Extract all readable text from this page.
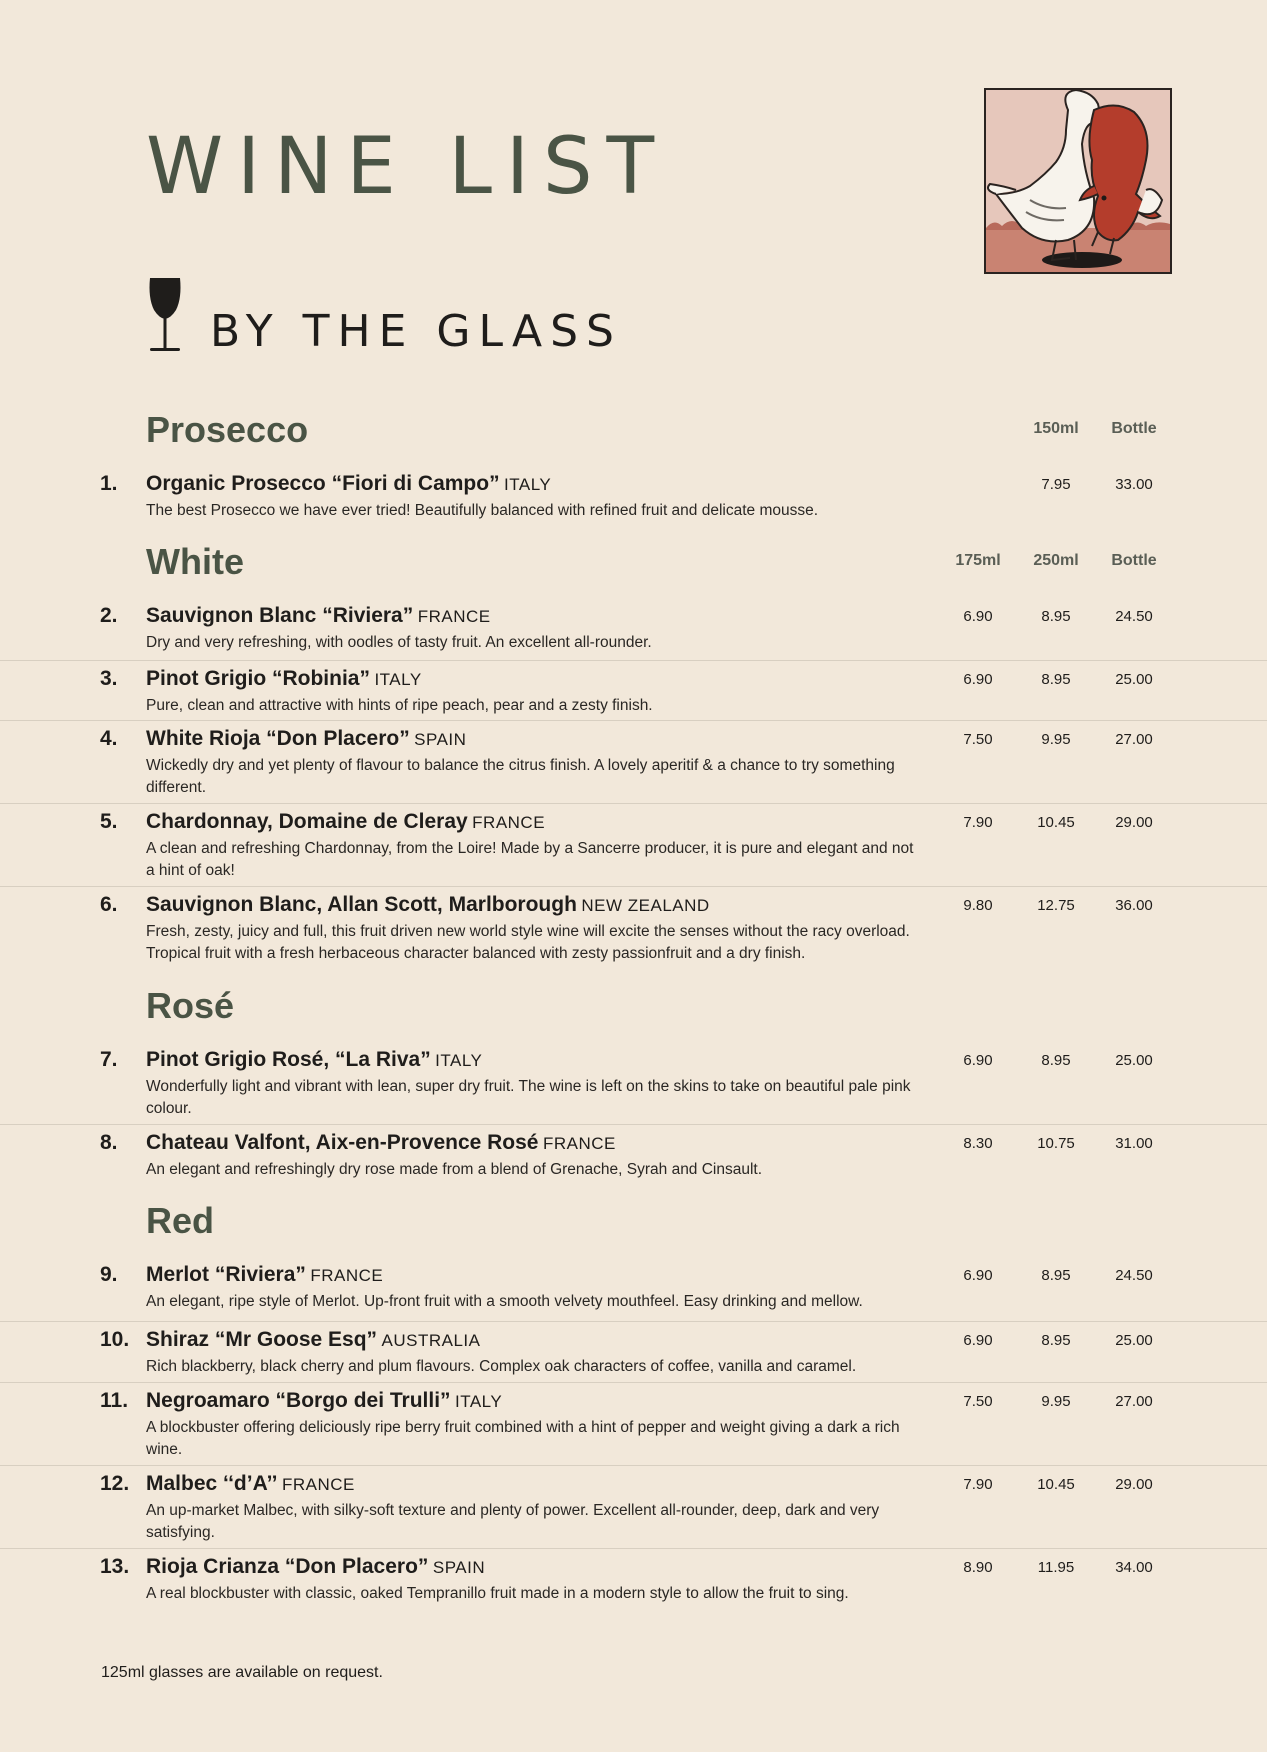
WINE LIST
BY THE GLASS
Prosecco	150ml	Bottle
1. Organic Prosecco “Fiori di Campo” ITALY
The best Prosecco we have ever tried! Beautifully balanced with refined fruit and delicate mousse.
7.95	33.00
White	175ml	250ml	Bottle
2. Sauvignon Blanc “Riviera” FRANCE
Dry and very refreshing, with oodles of tasty fruit. An excellent all-rounder.
6.90	8.95	24.50
3. Pinot Grigio “Robinia” ITALY
Pure, clean and attractive with hints of ripe peach, pear and a zesty finish.
6.90	8.95	25.00
4. White Rioja “Don Placero” SPAIN
Wickedly dry and yet plenty of flavour to balance the citrus finish. A lovely aperitif & a chance to try something different.
7.50	9.95	27.00
5. Chardonnay, Domaine de Cleray FRANCE
A clean and refreshing Chardonnay, from the Loire! Made by a Sancerre producer, it is pure and elegant and not a hint of oak!
7.90	10.45	29.00
6. Sauvignon Blanc, Allan Scott, Marlborough NEW ZEALAND
Fresh, zesty, juicy and full, this fruit driven new world style wine will excite the senses without the racy overload. Tropical fruit with a fresh herbaceous character balanced with zesty passionfruit and a dry finish.
9.80	12.75	36.00
Rosé
7. Pinot Grigio Rosé, “La Riva” ITALY
Wonderfully light and vibrant with lean, super dry fruit. The wine is left on the skins to take on beautiful pale pink colour.
6.90	8.95	25.00
8. Chateau Valfont, Aix-en-Provence Rosé FRANCE
An elegant and refreshingly dry rose made from a blend of Grenache, Syrah and Cinsault.
8.30	10.75	31.00
Red
9. Merlot “Riviera” FRANCE
An elegant, ripe style of Merlot. Up-front fruit with a smooth velvety mouthfeel. Easy drinking and mellow.
6.90	8.95	24.50
10. Shiraz “Mr Goose Esq” AUSTRALIA
Rich blackberry, black cherry and plum flavours. Complex oak characters of coffee, vanilla and caramel.
6.90	8.95	25.00
11. Negroamaro “Borgo dei Trulli” ITALY
A blockbuster offering deliciously ripe berry fruit combined with a hint of pepper and weight giving a dark a rich wine.
7.50	9.95	27.00
12. Malbec ‘‘d’A’’ FRANCE
An up-market Malbec, with silky-soft texture and plenty of power. Excellent all-rounder, deep, dark and very satisfying.
7.90	10.45	29.00
13. Rioja Crianza “Don Placero” SPAIN
A real blockbuster with classic, oaked Tempranillo fruit made in a modern style to allow the fruit to sing.
8.90	11.95	34.00
125ml glasses are available on request.
